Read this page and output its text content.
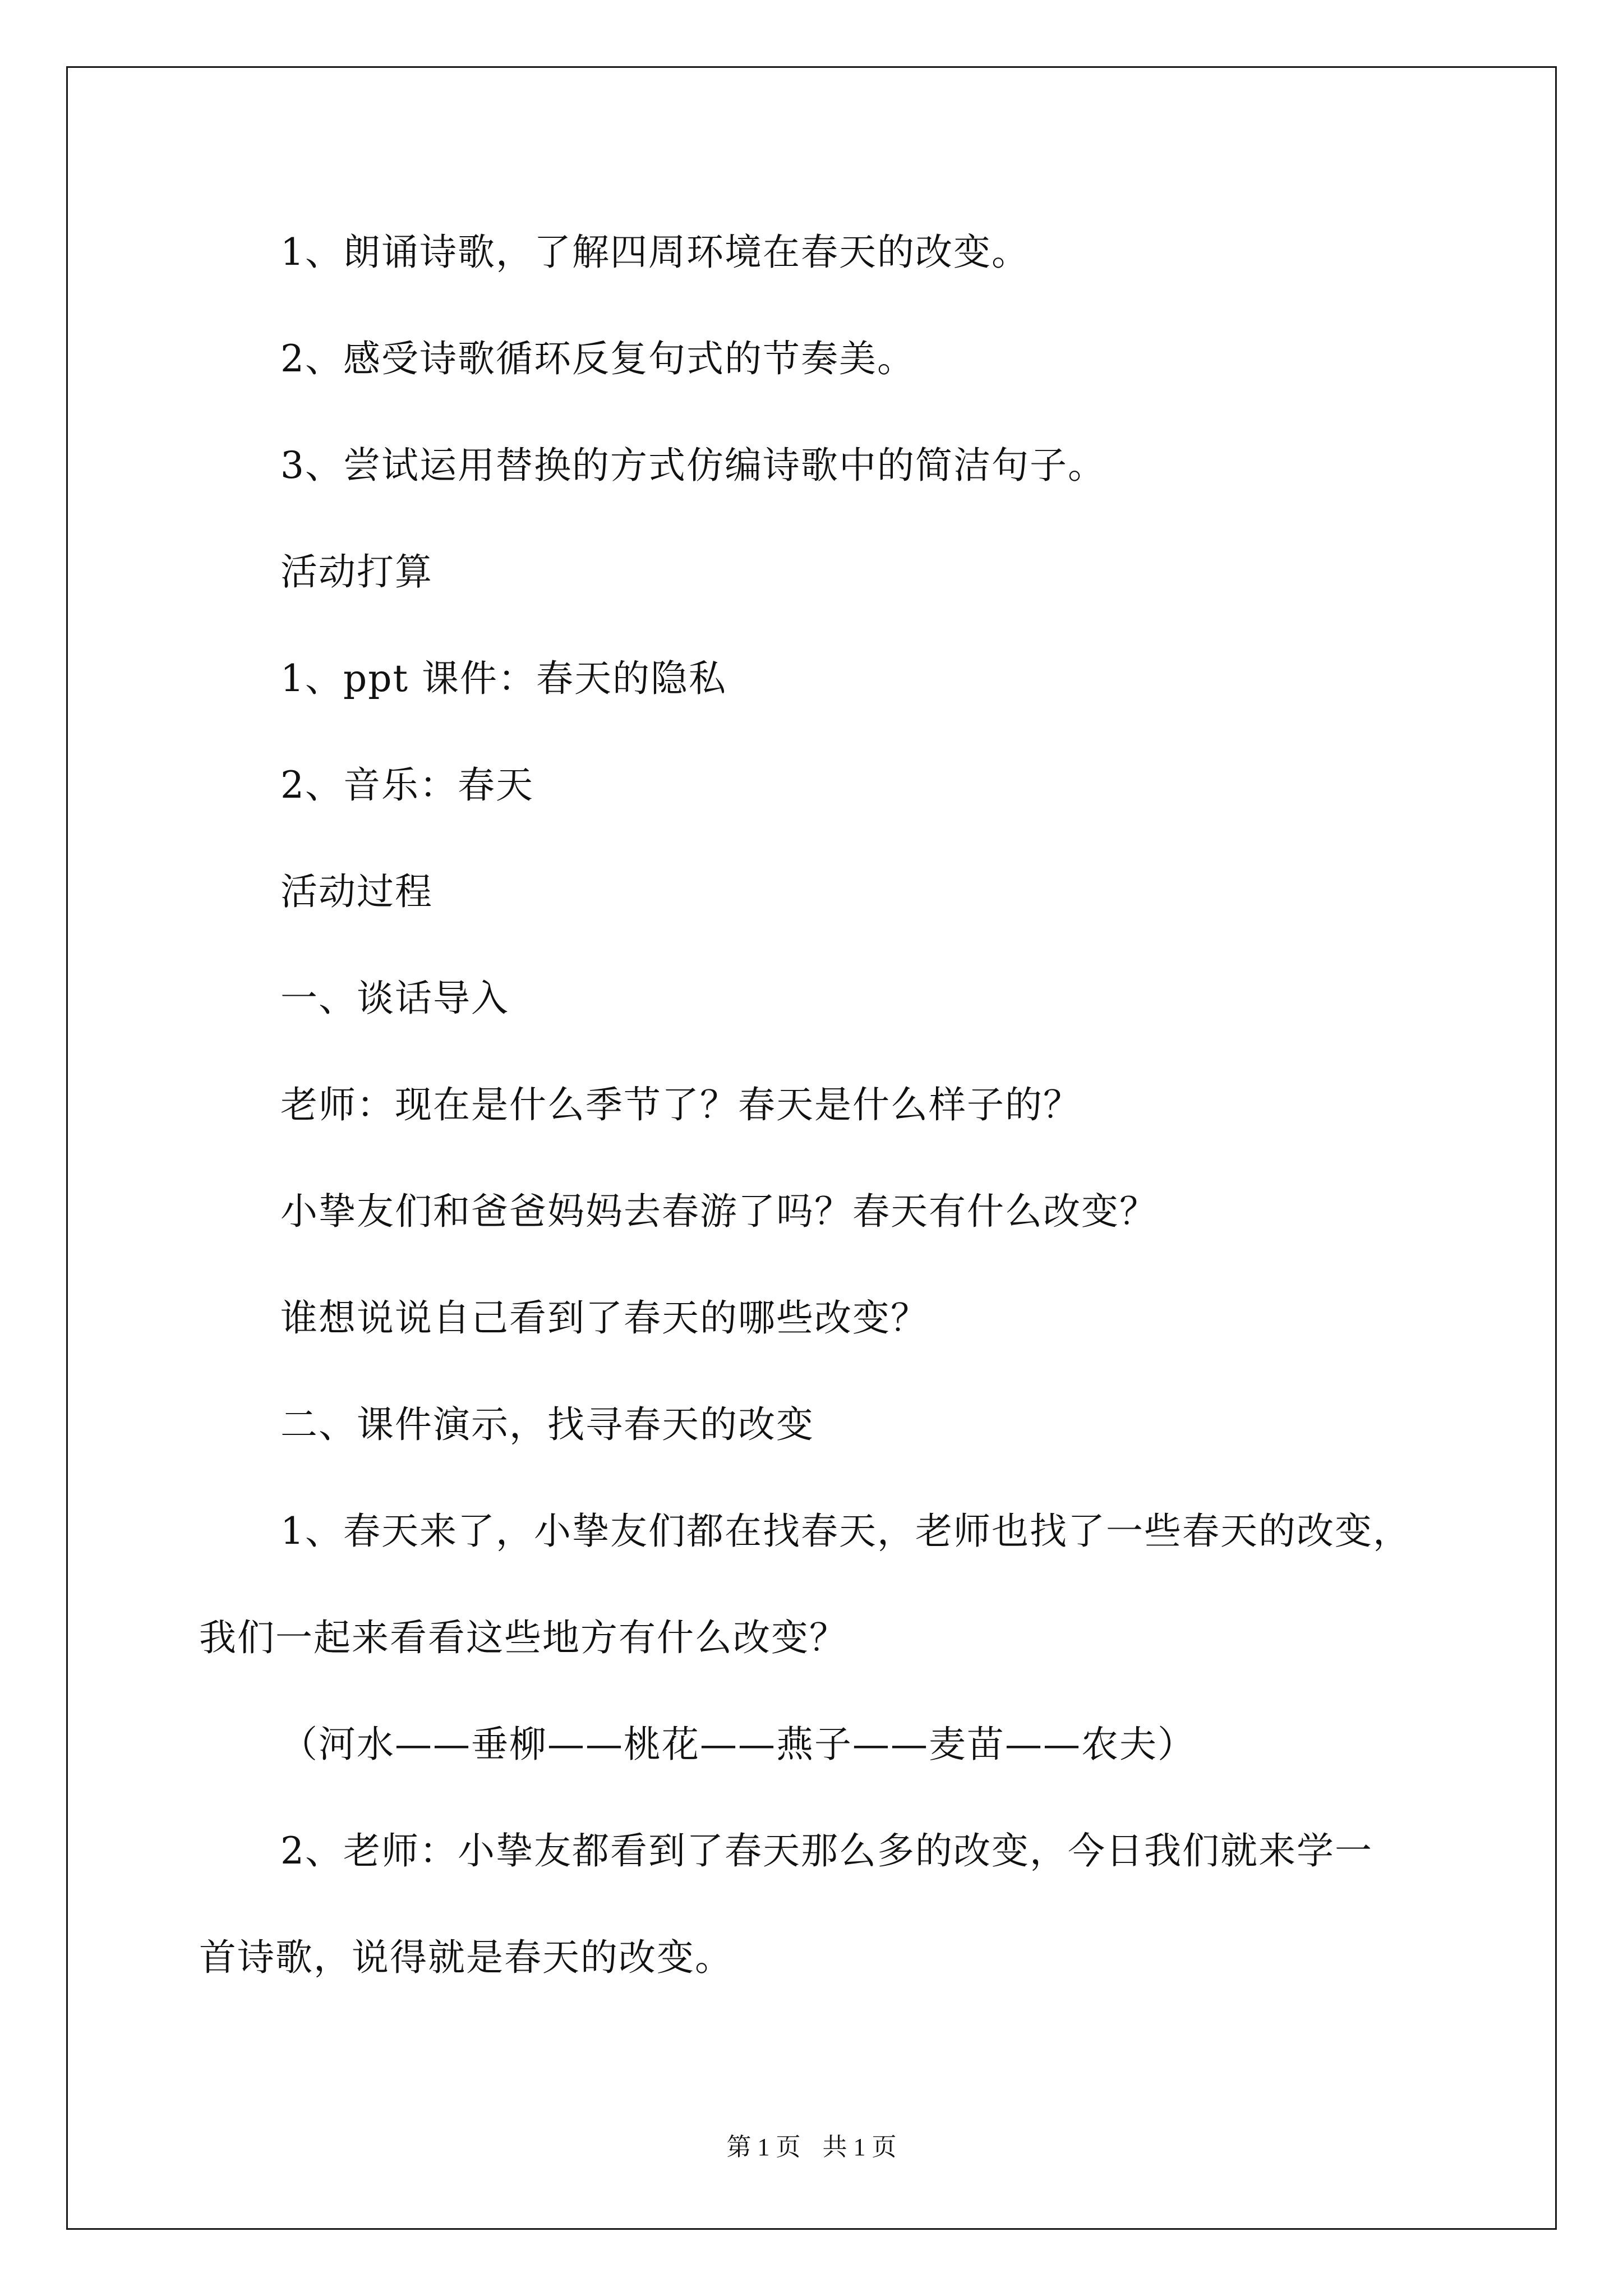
1、朗诵诗歌，了解四周环境在春天的改变。
2、感受诗歌循环反复句式的节奏美。
3、尝试运用替换的方式仿编诗歌中的简洁句子。
活动打算
1、ppt 课件：春天的隐私
2、音乐：春天
活动过程
一、谈话导入
老师：现在是什么季节了？春天是什么样子的？
小挚友们和爸爸妈妈去春游了吗？春天有什么改变？
谁想说说自己看到了春天的哪些改变？
二、课件演示，找寻春天的改变
1、春天来了，小挚友们都在找春天，老师也找了一些春天的改变，
我们一起来看看这些地方有什么改变？
（河水——垂柳——桃花——燕子——麦苗——农夫）
2、老师：小挚友都看到了春天那么多的改变，今日我们就来学一
首诗歌，说得就是春天的改变。
第 1 页 共 1 页
